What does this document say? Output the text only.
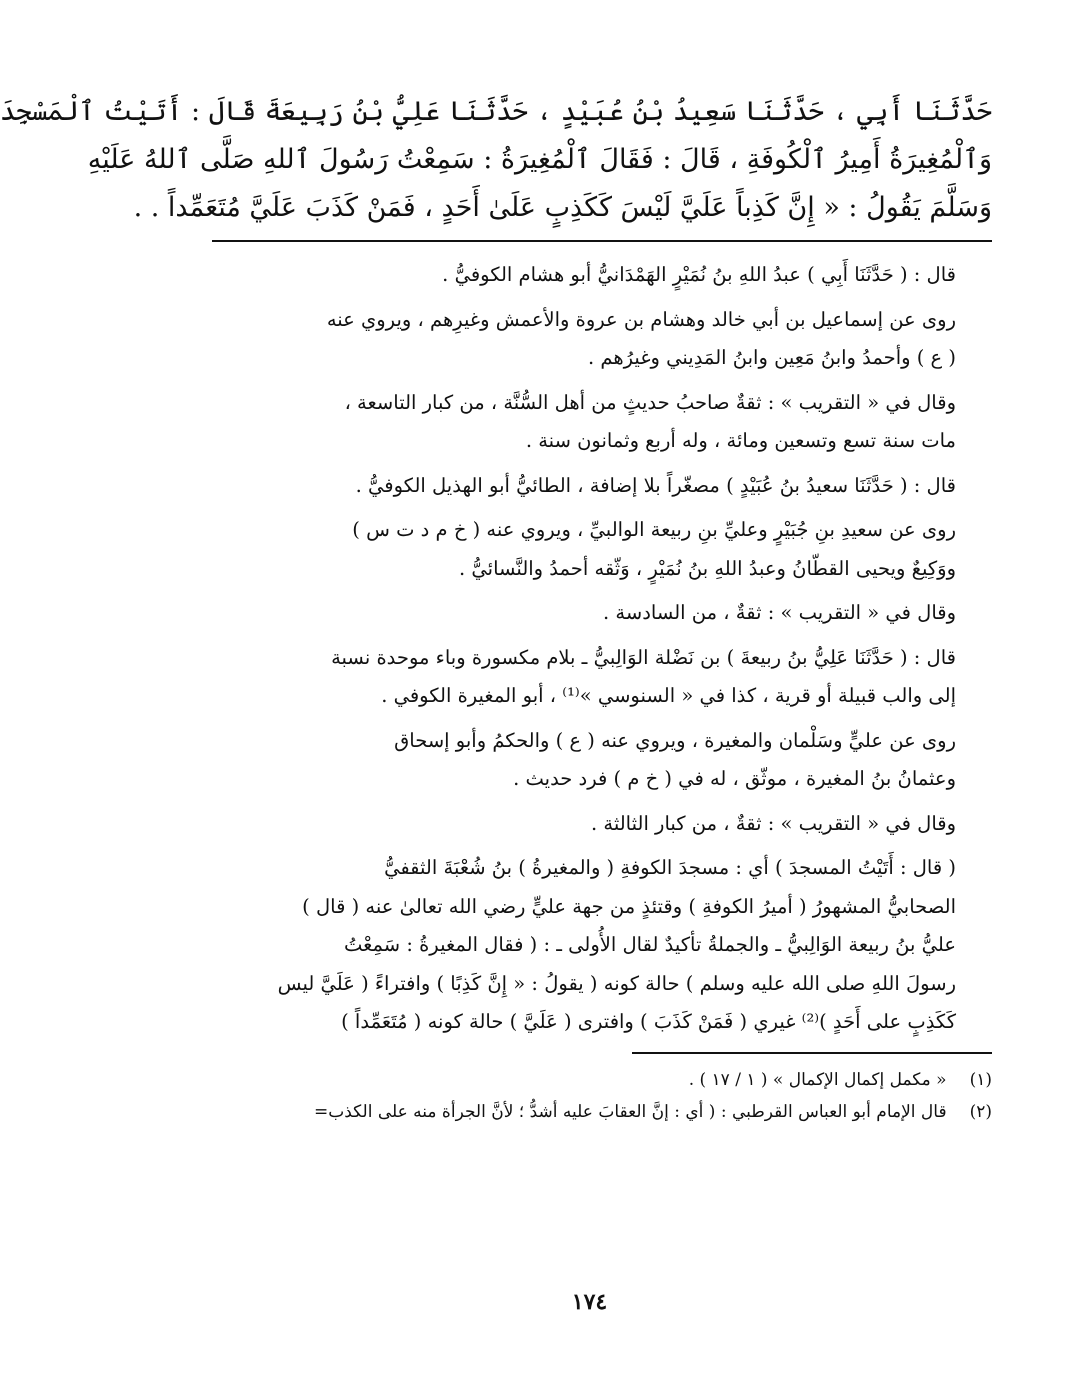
حَدَّثَنَا أَبِي ، حَدَّثَنَا سَعِيدُ بْنُ عُبَيْدٍ ، حَدَّثَنَا عَلِيُّ بْنُ رَبِيعَةَ قَالَ : أَتَيْتُ ٱلْمَسْجِدَ
وَٱلْمُغِيرَةُ أَمِيرُ ٱلْكُوفَةِ ، قَالَ : فَقَالَ ٱلْمُغِيرَةُ : سَمِعْتُ رَسُولَ ٱللهِ صَلَّى ٱللهُ عَلَيْهِ
وَسَلَّمَ يَقُولُ : « إِنَّ كَذِباً عَلَيَّ لَيْسَ كَكَذِبٍ عَلَىٰ أَحَدٍ ، فَمَنْ كَذَبَ عَلَيَّ مُتَعَمِّداً . .
قال : ( حَدَّثَنَا أَبِي ) عبدُ اللهِ بنُ نُمَيْرٍ الهَمْدَانيُّ أبو هشام الكوفيُّ .
روى عن إسماعيل بن أبي خالد وهشام بن عروة والأعمش وغيرِهم ، ويروي عنه
( ع ) وأحمدُ وابنُ مَعِين وابنُ المَدِيني وغيرُهم .
وقال في « التقريب » : ثقةٌ صاحبُ حديثٍ من أهل السُّنَّة ، من كبار التاسعة ،
مات سنة تسع وتسعين ومائة ، وله أربع وثمانون سنة .
قال : ( حَدَّثَنَا سعيدُ بنُ عُبَيْدٍ ) مصغّراً بلا إضافة ، الطائيُّ أبو الهذيل الكوفيُّ .
روى عن سعيدِ بنِ جُبَيْرٍ وعليِّ بنِ ربيعة الوالبيِّ ، ويروي عنه ( خ م د ت س )
ووَكِيعٌ ويحيى القطّانُ وعبدُ اللهِ بنُ نُمَيْرٍ ، وَثّقه أحمدُ والنَّسائيُّ .
وقال في « التقريب » : ثقةٌ ، من السادسة .
قال : ( حَدَّثَنَا عَلِيُّ بنُ ربيعةَ ) بن نَضْلة الوَالِبيُّ ـ بلام مكسورة وباء موحدة نسبة
إلى والب قبيلة أو قرية ، كذا في « السنوسي »⁽¹⁾ ، أبو المغيرة الكوفي .
روى عن عليٍّ وسَلْمان والمغيرة ، ويروي عنه ( ع ) والحكمُ وأبو إسحاق
وعثمانُ بنُ المغيرة ، موثّق ، له في ( خ م ) فرد حديث .
وقال في « التقريب » : ثقةٌ ، من كبار الثالثة .
( قال : أَتَيْتُ المسجدَ ) أي : مسجدَ الكوفةِ ( والمغيرةُ ) بنُ شُعْبَةَ الثقفيُّ
الصحابيُّ المشهورُ ( أميرُ الكوفةِ ) وقتئذٍ من جهة عليٍّ رضي الله تعالىٰ عنه ( قال )
عليُّ بنُ ربيعة الوَالِبيُّ ـ والجملةُ تأكيدٌ لقال الأُولى ـ : ( فقال المغيرةُ : سَمِعْتُ
رسولَ اللهِ صلى الله عليه وسلم ) حالة كونه ( يقولُ : « إِنَّ كَذِبًا ) وافتراءً ( عَلَيَّ ليس
كَكَذِبٍ على أَحَدٍ )⁽²⁾ غيري ( فَمَنْ كَذَبَ ) وافترى ( عَلَيَّ ) حالة كونه ( مُتَعَمِّداً )
(١) « مكمل إكمال الإكمال » ( ١ / ١٧ ) .
(٢) قال الإمام أبو العباس القرطبي : ( أي : إنَّ العقابَ عليه أشدُّ ؛ لأنَّ الجرأة منه على الكذب=
١٧٤
